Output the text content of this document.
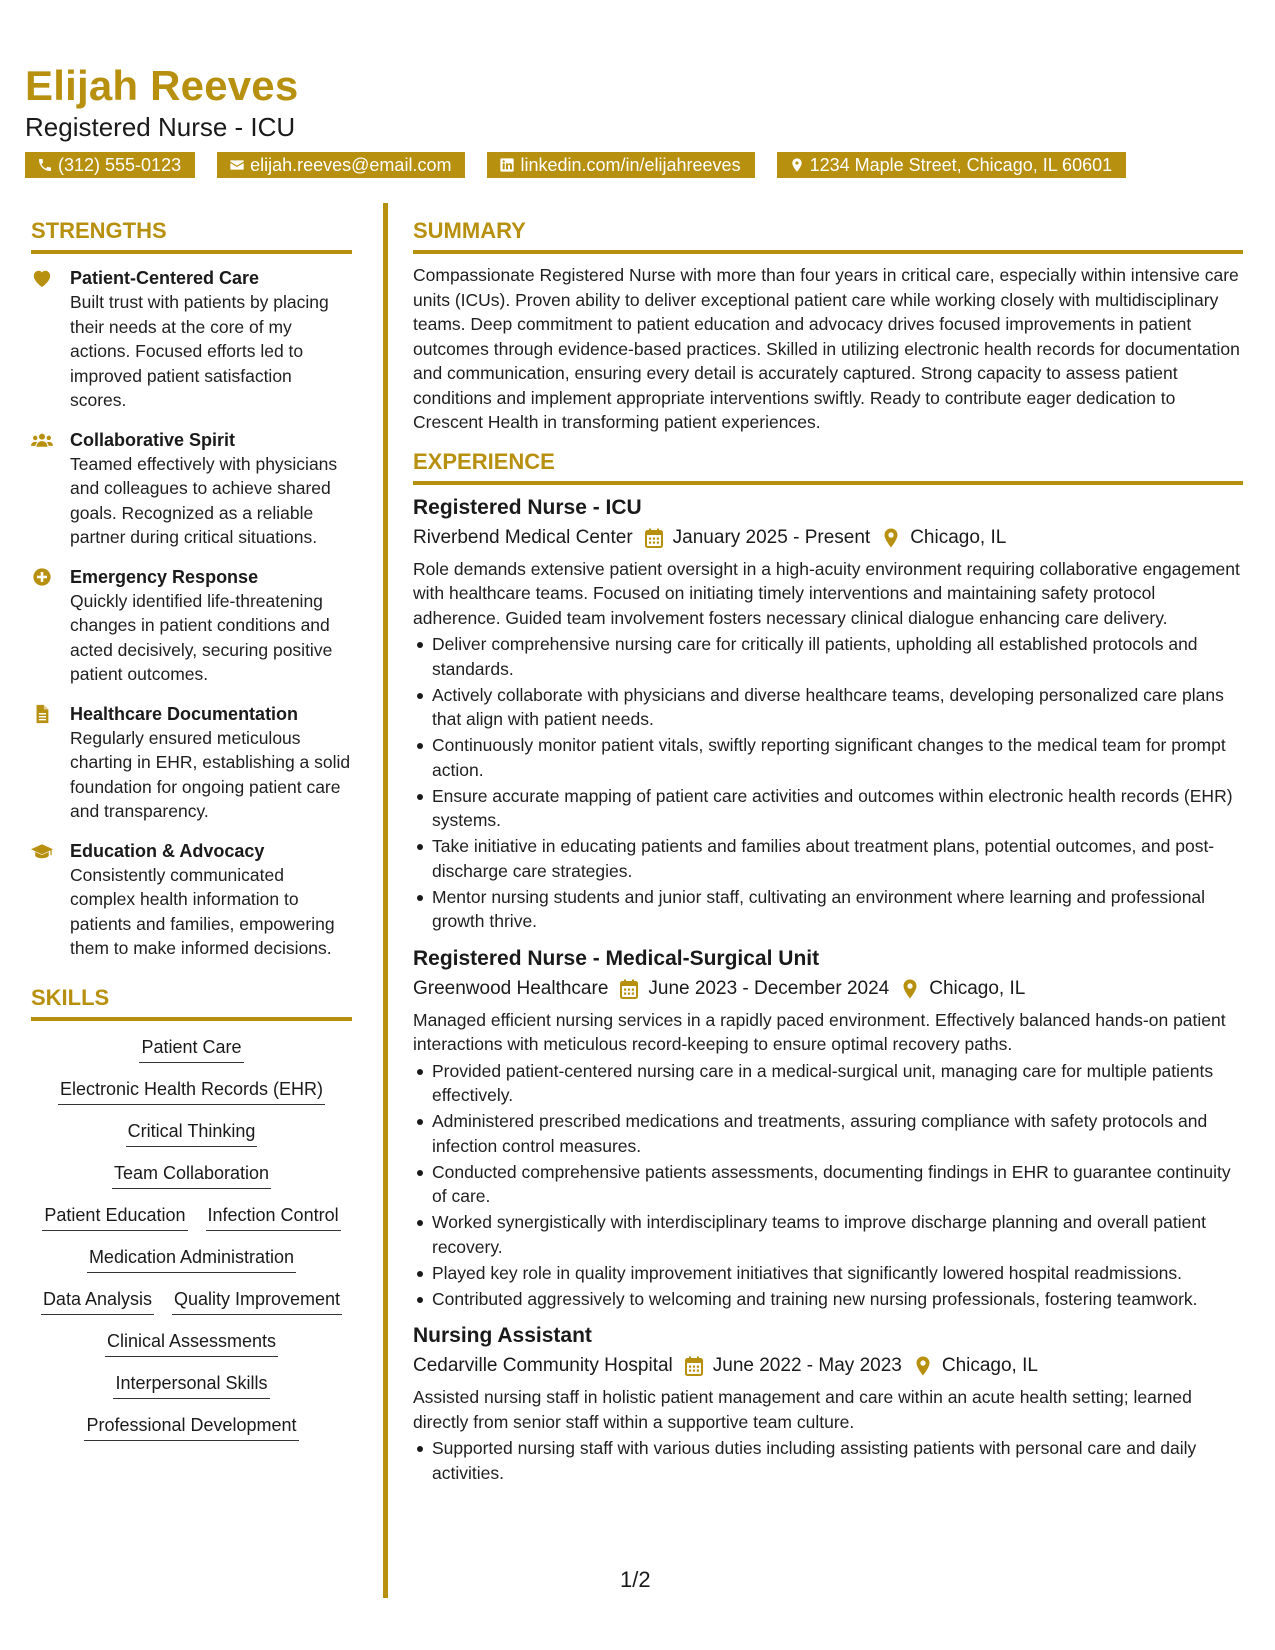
Elijah Reeves
Registered Nurse - ICU
(312) 555-0123	elijah.reeves@email.com	linkedin.com/in/elijahreeves	1234 Maple Street, Chicago, IL 60601
STRENGTHS
Patient-Centered Care
Built trust with patients by placing their needs at the core of my actions. Focused efforts led to improved patient satisfaction scores.
Collaborative Spirit
Teamed effectively with physicians and colleagues to achieve shared goals. Recognized as a reliable partner during critical situations.
Emergency Response
Quickly identified life-threatening changes in patient conditions and acted decisively, securing positive patient outcomes.
Healthcare Documentation
Regularly ensured meticulous charting in EHR, establishing a solid foundation for ongoing patient care and transparency.
Education & Advocacy
Consistently communicated complex health information to patients and families, empowering them to make informed decisions.
SKILLS
Patient Care
Electronic Health Records (EHR)
Critical Thinking
Team Collaboration
Patient Education Infection Control
Medication Administration
Data Analysis Quality Improvement
Clinical Assessments
Interpersonal Skills
Professional Development
SUMMARY
Compassionate Registered Nurse with more than four years in critical care, especially within intensive care units (ICUs). Proven ability to deliver exceptional patient care while working closely with multidisciplinary teams. Deep commitment to patient education and advocacy drives focused improvements in patient outcomes through evidence-based practices. Skilled in utilizing electronic health records for documentation and communication, ensuring every detail is accurately captured. Strong capacity to assess patient conditions and implement appropriate interventions swiftly. Ready to contribute eager dedication to Crescent Health in transforming patient experiences.
EXPERIENCE
Registered Nurse - ICU
Riverbend Medical Center January 2025 - Present Chicago, IL
Role demands extensive patient oversight in a high-acuity environment requiring collaborative engagement with healthcare teams. Focused on initiating timely interventions and maintaining safety protocol adherence. Guided team involvement fosters necessary clinical dialogue enhancing care delivery.
Deliver comprehensive nursing care for critically ill patients, upholding all established protocols and standards.
Actively collaborate with physicians and diverse healthcare teams, developing personalized care plans that align with patient needs.
Continuously monitor patient vitals, swiftly reporting significant changes to the medical team for prompt action.
Ensure accurate mapping of patient care activities and outcomes within electronic health records (EHR) systems.
Take initiative in educating patients and families about treatment plans, potential outcomes, and post-discharge care strategies.
Mentor nursing students and junior staff, cultivating an environment where learning and professional growth thrive.
Registered Nurse - Medical-Surgical Unit
Greenwood Healthcare June 2023 - December 2024 Chicago, IL
Managed efficient nursing services in a rapidly paced environment. Effectively balanced hands-on patient interactions with meticulous record-keeping to ensure optimal recovery paths.
Provided patient-centered nursing care in a medical-surgical unit, managing care for multiple patients effectively.
Administered prescribed medications and treatments, assuring compliance with safety protocols and infection control measures.
Conducted comprehensive patients assessments, documenting findings in EHR to guarantee continuity of care.
Worked synergistically with interdisciplinary teams to improve discharge planning and overall patient recovery.
Played key role in quality improvement initiatives that significantly lowered hospital readmissions.
Contributed aggressively to welcoming and training new nursing professionals, fostering teamwork.
Nursing Assistant
Cedarville Community Hospital June 2022 - May 2023 Chicago, IL
Assisted nursing staff in holistic patient management and care within an acute health setting; learned directly from senior staff within a supportive team culture.
Supported nursing staff with various duties including assisting patients with personal care and daily activities.
1/2
